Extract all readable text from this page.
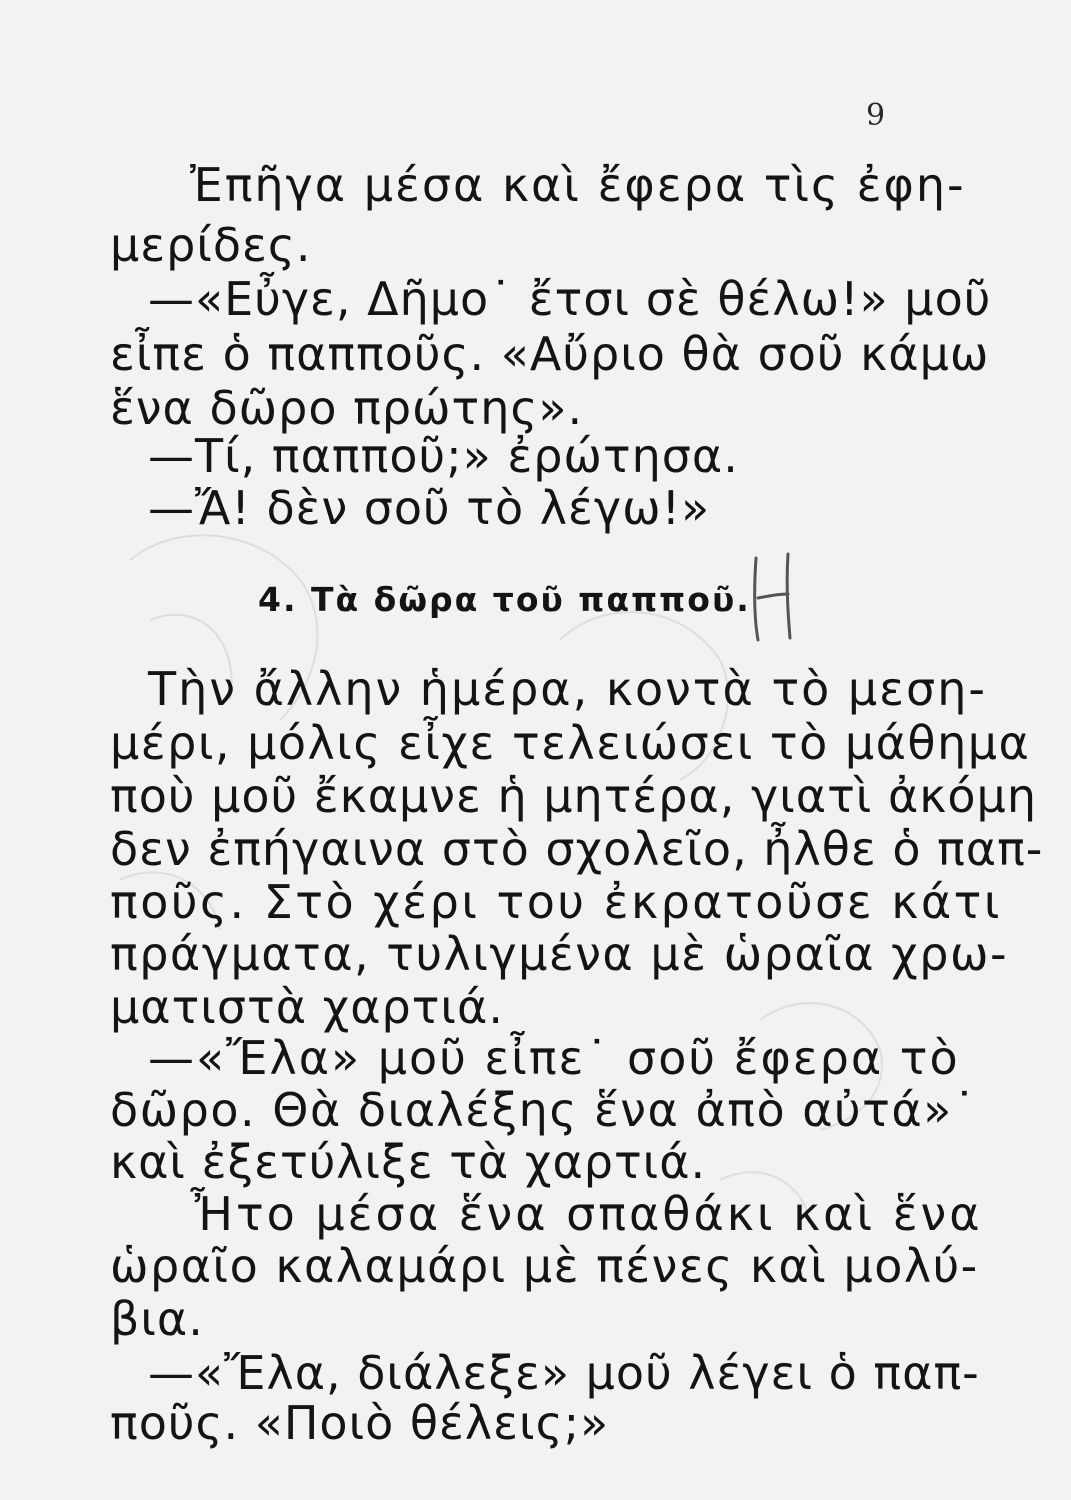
9
Ἐπῆγα μέσα καὶ ἔφερα τὶς ἐφη-
μερίδες.
—«Εὖγε, Δῆμο˙ ἔτσι σὲ θέλω!» μοῦ
εἶπε ὁ παπποῦς. «Αὔριο θὰ σοῦ κάμω
ἕνα δῶρο πρώτης».
—Τί, παπποῦ;» ἐρώτησα.
—Ἄ! δὲν σοῦ τὸ λέγω!»
4. Τὰ δῶρα τοῦ παπποῦ.
Τὴν ἄλλην ἡμέρα, κοντὰ τὸ μεση-
μέρι, μόλις εἶχε τελειώσει τὸ μάθημα
ποὺ μοῦ ἔκαμνε ἡ μητέρα, γιατὶ ἀκόμη
δεν ἐπήγαινα στὸ σχολεῖο, ἦλθε ὁ παπ-
ποῦς. Στὸ χέρι του ἐκρατοῦσε κάτι
πράγματα, τυλιγμένα μὲ ὡραῖα χρω-
ματιστὰ χαρτιά.
—«Ἔλα» μοῦ εἶπε˙ σοῦ ἔφερα τὸ
δῶρο. Θὰ διαλέξης ἕνα ἀπὸ αὐτά»˙
καὶ ἐξετύλιξε τὰ χαρτιά.
Ἦτο μέσα ἕνα σπαθάκι καὶ ἕνα
ὡραῖο καλαμάρι μὲ πένες καὶ μολύ-
βια.
—«Ἔλα, διάλεξε» μοῦ λέγει ὁ παπ-
ποῦς. «Ποιὸ θέλεις;»
